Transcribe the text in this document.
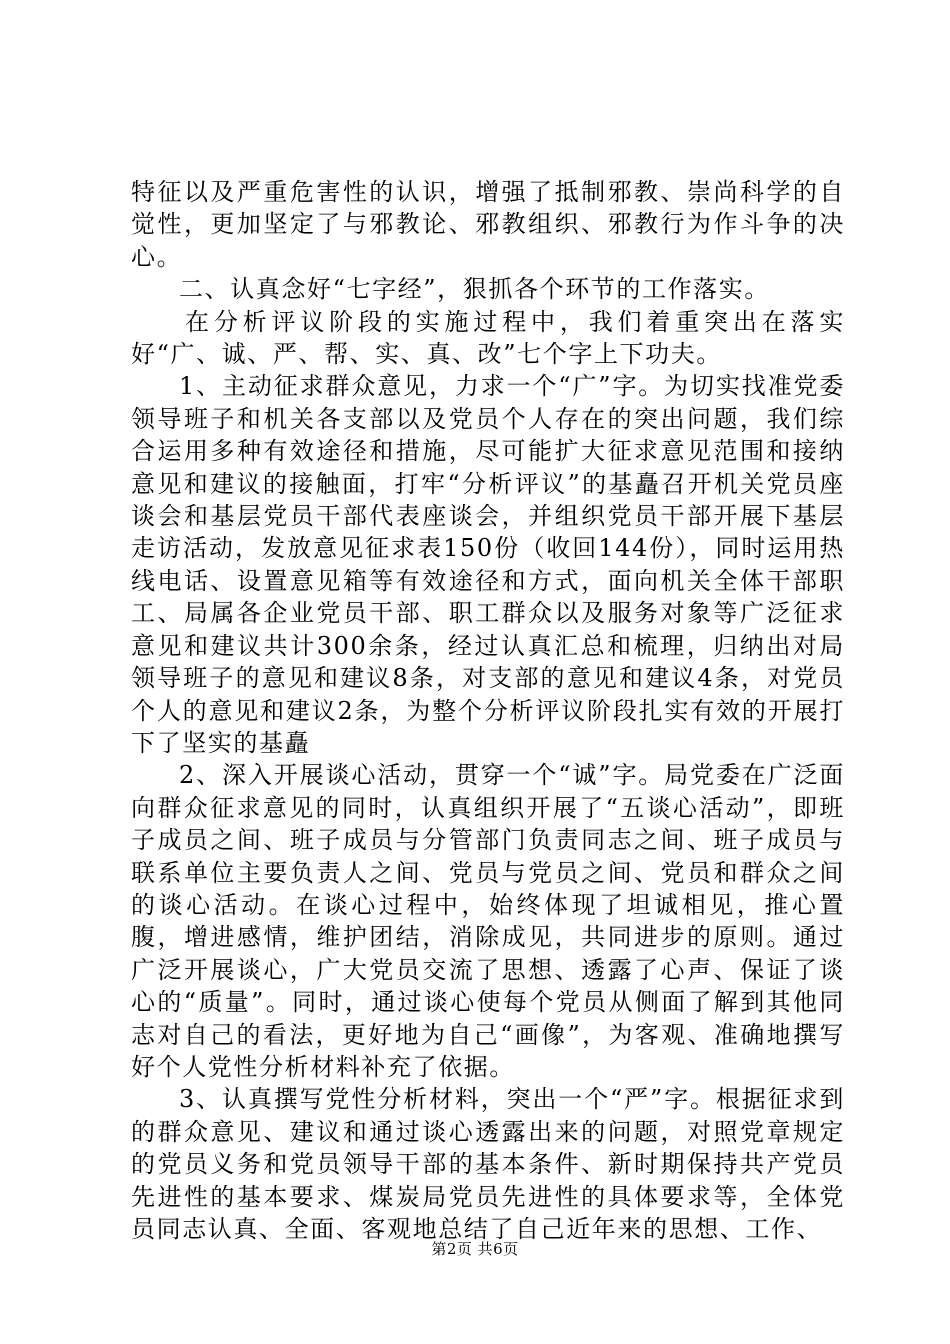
特征以及严重危害性的认识，增强了抵制邪教、崇尚科学的自觉性，更加坚定了与邪教论、邪教组织、邪教行为作斗争的决心。

二、认真念好“七字经”，狠抓各个环节的工作落实。

在分析评议阶段的实施过程中，我们着重突出在落实好“广、诚、严、帮、实、真、改”七个字上下功夫。

1、主动征求群众意见，力求一个“广”字。为切实找准党委领导班子和机关各支部以及党员个人存在的突出问题，我们综合运用多种有效途径和措施，尽可能扩大征求意见范围和接纳意见和建议的接触面，打牢“分析评议”的基矗召开机关党员座谈会和基层党员干部代表座谈会，并组织党员干部开展下基层走访活动，发放意见征求表150份（收回144份），同时运用热线电话、设置意见箱等有效途径和方式，面向机关全体干部职工、局属各企业党员干部、职工群众以及服务对象等广泛征求意见和建议共计300余条，经过认真汇总和梳理，归纳出对局领导班子的意见和建议8条，对支部的意见和建议4条，对党员个人的意见和建议2条，为整个分析评议阶段扎实有效的开展打下了坚实的基矗

2、深入开展谈心活动，贯穿一个“诚”字。局党委在广泛面向群众征求意见的同时，认真组织开展了“五谈心活动”，即班子成员之间、班子成员与分管部门负责同志之间、班子成员与联系单位主要负责人之间、党员与党员之间、党员和群众之间的谈心活动。在谈心过程中，始终体现了坦诚相见，推心置腹，增进感情，维护团结，消除成见，共同进步的原则。通过广泛开展谈心，广大党员交流了思想、透露了心声、保证了谈心的“质量”。同时，通过谈心使每个党员从侧面了解到其他同志对自己的看法，更好地为自己“画像”，为客观、准确地撰写好个人党性分析材料补充了依据。

3、认真撰写党性分析材料，突出一个“严”字。根据征求到的群众意见、建议和通过谈心透露出来的问题，对照党章规定的党员义务和党员领导干部的基本条件、新时期保持共产党员先进性的基本要求、煤炭局党员先进性的具体要求等，全体党员同志认真、全面、客观地总结了自己近年来的思想、工作、

第2页 共6页
